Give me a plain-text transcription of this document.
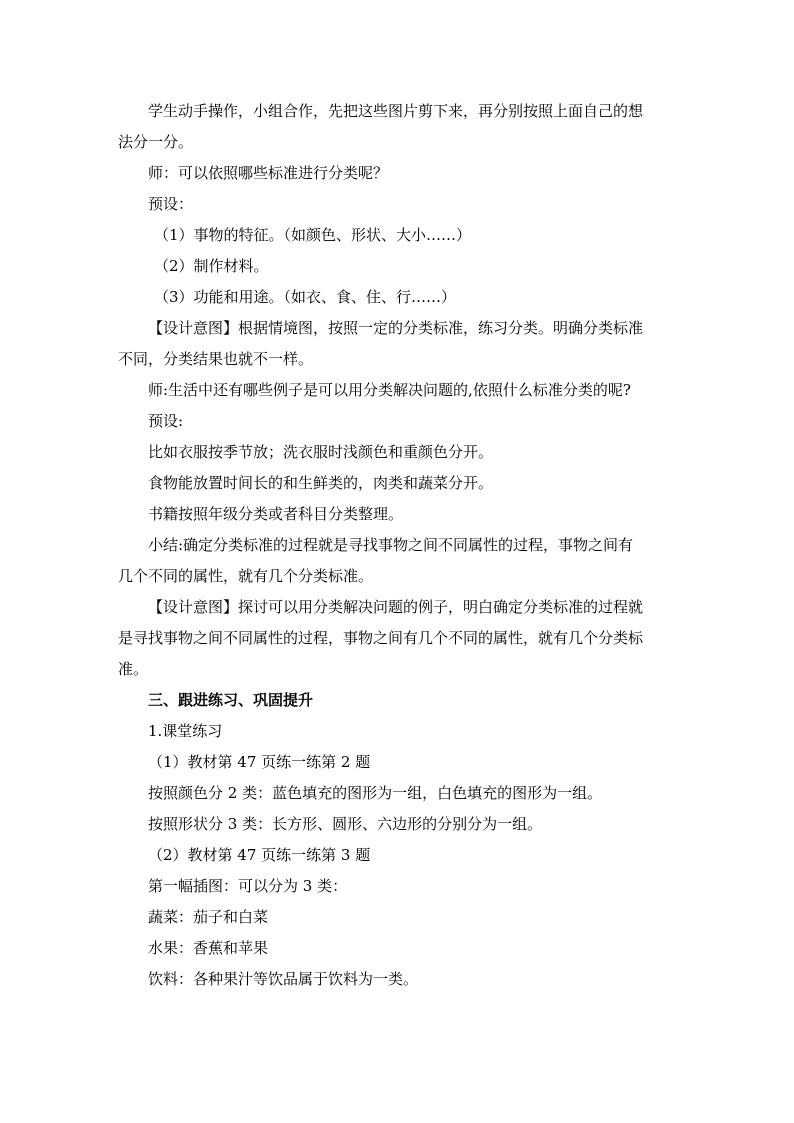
学生动手操作，小组合作，先把这些图片剪下来，再分别按照上面自己的想
法分一分。
师：可以依照哪些标准进行分类呢？
预设：
（1）事物的特征。（如颜色、形状、大小……）
（2）制作材料。
（3）功能和用途。（如衣、食、住、行……）
【设计意图】根据情境图，按照一定的分类标准，练习分类。明确分类标准
不同，分类结果也就不一样。
师:生活中还有哪些例子是可以用分类解决问题的,依照什么标准分类的呢?
预设:
比如衣服按季节放；洗衣服时浅颜色和重颜色分开。
食物能放置时间长的和生鲜类的，肉类和蔬菜分开。
书籍按照年级分类或者科目分类整理。
小结:确定分类标准的过程就是寻找事物之间不同属性的过程，事物之间有
几个不同的属性，就有几个分类标准。
【设计意图】探讨可以用分类解决问题的例子，明白确定分类标准的过程就
是寻找事物之间不同属性的过程，事物之间有几个不同的属性，就有几个分类标
准。
三、跟进练习、巩固提升
1.课堂练习
（1）教材第 47 页练一练第 2 题
按照颜色分 2 类：蓝色填充的图形为一组，白色填充的图形为一组。
按照形状分 3 类：长方形、圆形、六边形的分别分为一组。
（2）教材第 47 页练一练第 3 题
第一幅插图：可以分为 3 类：
蔬菜：茄子和白菜
水果：香蕉和苹果
饮料：各种果汁等饮品属于饮料为一类。
